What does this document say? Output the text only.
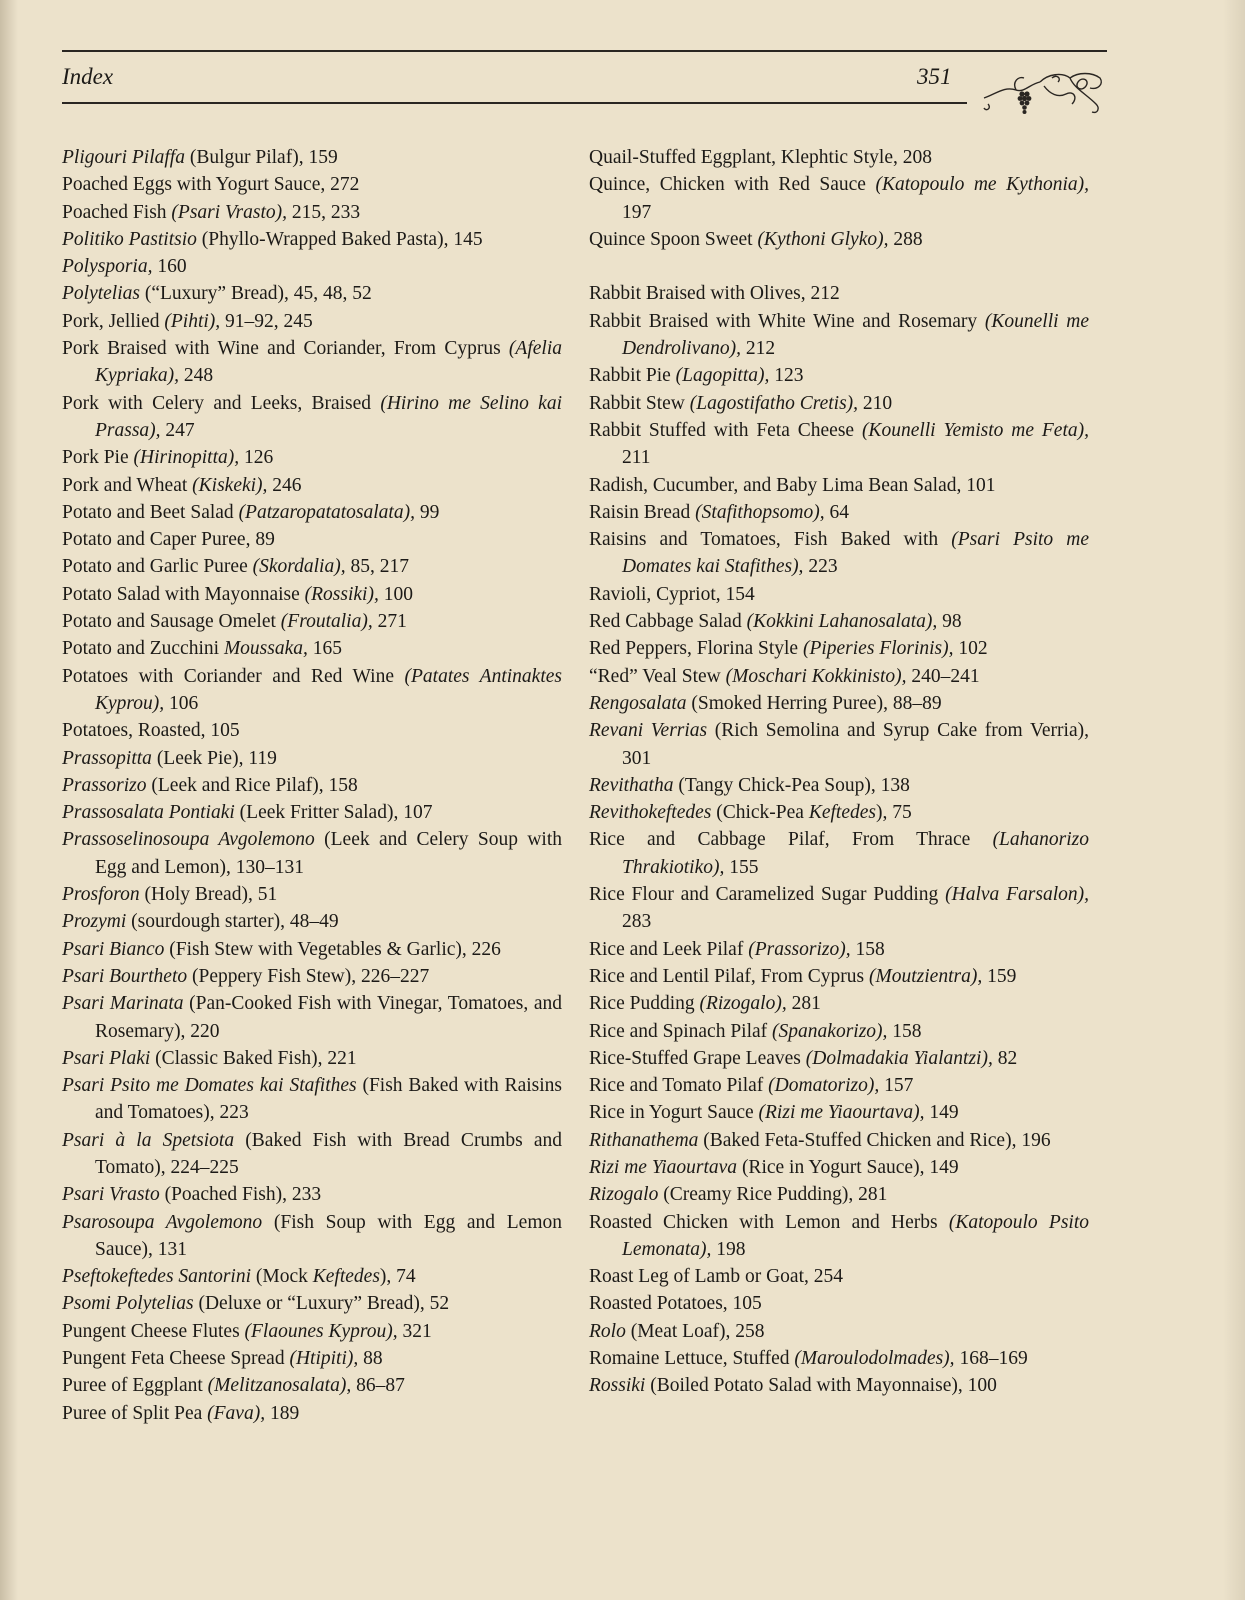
Index	351

Pligouri Pilaffa (Bulgur Pilaf), 159

Poached Eggs with Yogurt Sauce, 272

Poached Fish (Psari Vrasto), 215, 233

Politiko Pastitsio (Phyllo-Wrapped Baked Pasta), 145

Polysporia, 160

Polytelias (“Luxury” Bread), 45, 48, 52

Pork, Jellied (Pihti), 91–92, 245

Pork Braised with Wine and Coriander, From Cyprus (Afelia Kypriaka), 248

Pork with Celery and Leeks, Braised (Hirino me Selino kai Prassa), 247

Pork Pie (Hirinopitta), 126

Pork and Wheat (Kiskeki), 246

Potato and Beet Salad (Patzaropatatosalata), 99

Potato and Caper Puree, 89

Potato and Garlic Puree (Skordalia), 85, 217

Potato Salad with Mayonnaise (Rossiki), 100

Potato and Sausage Omelet (Froutalia), 271

Potato and Zucchini Moussaka, 165

Potatoes with Coriander and Red Wine (Patates Antinaktes Kyprou), 106

Potatoes, Roasted, 105

Prassopitta (Leek Pie), 119

Prassorizo (Leek and Rice Pilaf), 158

Prassosalata Pontiaki (Leek Fritter Salad), 107

Prassoselinosoupa Avgolemono (Leek and Celery Soup with Egg and Lemon), 130–131

Prosforon (Holy Bread), 51

Prozymi (sourdough starter), 48–49

Psari Bianco (Fish Stew with Vegetables & Garlic), 226

Psari Bourtheto (Peppery Fish Stew), 226–227

Psari Marinata (Pan-Cooked Fish with Vinegar, Tomatoes, and Rosemary), 220

Psari Plaki (Classic Baked Fish), 221

Psari Psito me Domates kai Stafithes (Fish Baked with Raisins and Tomatoes), 223

Psari à la Spetsiota (Baked Fish with Bread Crumbs and Tomato), 224–225

Psari Vrasto (Poached Fish), 233

Psarosoupa Avgolemono (Fish Soup with Egg and Lemon Sauce), 131

Pseftokeftedes Santorini (Mock Keftedes), 74

Psomi Polytelias (Deluxe or “Luxury” Bread), 52

Pungent Cheese Flutes (Flaounes Kyprou), 321

Pungent Feta Cheese Spread (Htipiti), 88

Puree of Eggplant (Melitzanosalata), 86–87

Puree of Split Pea (Fava), 189

Quail-Stuffed Eggplant, Klephtic Style, 208

Quince, Chicken with Red Sauce (Katopoulo me Kythonia), 197

Quince Spoon Sweet (Kythoni Glyko), 288

Rabbit Braised with Olives, 212

Rabbit Braised with White Wine and Rosemary (Kounelli me Dendrolivano), 212

Rabbit Pie (Lagopitta), 123

Rabbit Stew (Lagostifatho Cretis), 210

Rabbit Stuffed with Feta Cheese (Kounelli Yemisto me Feta), 211

Radish, Cucumber, and Baby Lima Bean Salad, 101

Raisin Bread (Stafithopsomo), 64

Raisins and Tomatoes, Fish Baked with (Psari Psito me Domates kai Stafithes), 223

Ravioli, Cypriot, 154

Red Cabbage Salad (Kokkini Lahanosalata), 98

Red Peppers, Florina Style (Piperies Florinis), 102

“Red” Veal Stew (Moschari Kokkinisto), 240–241

Rengosalata (Smoked Herring Puree), 88–89

Revani Verrias (Rich Semolina and Syrup Cake from Verria), 301

Revithatha (Tangy Chick-Pea Soup), 138

Revithokeftedes (Chick-Pea Keftedes), 75

Rice and Cabbage Pilaf, From Thrace (Lahanorizo Thrakiotiko), 155

Rice Flour and Caramelized Sugar Pudding (Halva Farsalon), 283

Rice and Leek Pilaf (Prassorizo), 158

Rice and Lentil Pilaf, From Cyprus (Moutzientra), 159

Rice Pudding (Rizogalo), 281

Rice and Spinach Pilaf (Spanakorizo), 158

Rice-Stuffed Grape Leaves (Dolmadakia Yialantzi), 82

Rice and Tomato Pilaf (Domatorizo), 157

Rice in Yogurt Sauce (Rizi me Yiaourtava), 149

Rithanathema (Baked Feta-Stuffed Chicken and Rice), 196

Rizi me Yiaourtava (Rice in Yogurt Sauce), 149

Rizogalo (Creamy Rice Pudding), 281

Roasted Chicken with Lemon and Herbs (Katopoulo Psito Lemonata), 198

Roast Leg of Lamb or Goat, 254

Roasted Potatoes, 105

Rolo (Meat Loaf), 258

Romaine Lettuce, Stuffed (Maroulodolmades), 168–169

Rossiki (Boiled Potato Salad with Mayonnaise), 100
